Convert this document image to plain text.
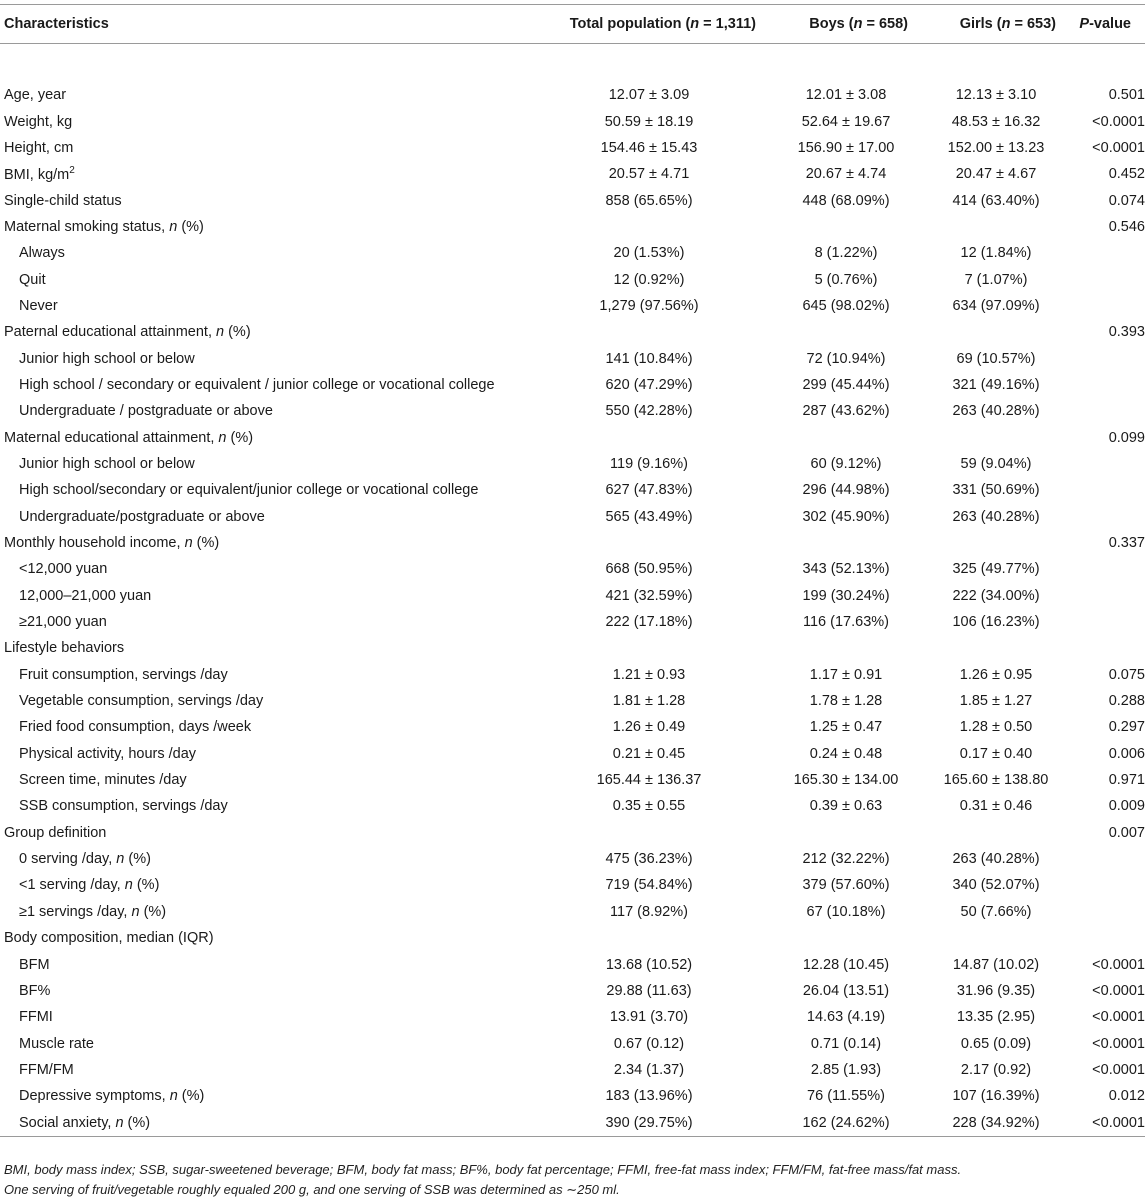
Characteristics	Total population (n = 1,311)	Boys (n = 658)	Girls (n = 653)	P-value

Age, year	12.07 ± 3.09	12.01 ± 3.08	12.13 ± 3.10	0.501
Weight, kg	50.59 ± 18.19	52.64 ± 19.67	48.53 ± 16.32	<0.0001
Height, cm	154.46 ± 15.43	156.90 ± 17.00	152.00 ± 13.23	<0.0001
BMI, $kg/m^2$	20.57 ± 4.71	20.67 ± 4.74	20.47 ± 4.67	0.452
Single-child status	858 (65.65%)	448 (68.09%)	414 (63.40%)	0.074
Maternal smoking status, n (%)				0.546
Always	20 (1.53%)	8 (1.22%)	12 (1.84%)	
Quit	12 (0.92%)	5 (0.76%)	7 (1.07%)	
Never	1,279 (97.56%)	645 (98.02%)	634 (97.09%)	
Paternal educational attainment, n (%)				0.393
Junior high school or below	141 (10.84%)	72 (10.94%)	69 (10.57%)	
High school / secondary or equivalent / junior college or vocational college	620 (47.29%)	299 (45.44%)	321 (49.16%)	
Undergraduate / postgraduate or above	550 (42.28%)	287 (43.62%)	263 (40.28%)	
Maternal educational attainment, n (%)				0.099
Junior high school or below	119 (9.16%)	60 (9.12%)	59 (9.04%)	
High school/secondary or equivalent/junior college or vocational college	627 (47.83%)	296 (44.98%)	331 (50.69%)	
Undergraduate/postgraduate or above	565 (43.49%)	302 (45.90%)	263 (40.28%)	
Monthly household income, n (%)				0.337
<12,000 yuan	668 (50.95%)	343 (52.13%)	325 (49.77%)	
12,000–21,000 yuan	421 (32.59%)	199 (30.24%)	222 (34.00%)	
≥21,000 yuan	222 (17.18%)	116 (17.63%)	106 (16.23%)	
Lifestyle behaviors				
Fruit consumption, servings /day	1.21 ± 0.93	1.17 ± 0.91	1.26 ± 0.95	0.075
Vegetable consumption, servings /day	1.81 ± 1.28	1.78 ± 1.28	1.85 ± 1.27	0.288
Fried food consumption, days /week	1.26 ± 0.49	1.25 ± 0.47	1.28 ± 0.50	0.297
Physical activity, hours /day	0.21 ± 0.45	0.24 ± 0.48	0.17 ± 0.40	0.006
Screen time, minutes /day	165.44 ± 136.37	165.30 ± 134.00	165.60 ± 138.80	0.971
SSB consumption, servings /day	0.35 ± 0.55	0.39 ± 0.63	0.31 ± 0.46	0.009
Group definition				0.007
0 serving /day, n (%)	475 (36.23%)	212 (32.22%)	263 (40.28%)	
<1 serving /day, n (%)	719 (54.84%)	379 (57.60%)	340 (52.07%)	
≥1 servings /day, n (%)	117 (8.92%)	67 (10.18%)	50 (7.66%)	
Body composition, median (IQR)				
BFM	13.68 (10.52)	12.28 (10.45)	14.87 (10.02)	<0.0001
BF%	29.88 (11.63)	26.04 (13.51)	31.96 (9.35)	<0.0001
FFMI	13.91 (3.70)	14.63 (4.19)	13.35 (2.95)	<0.0001
Muscle rate	0.67 (0.12)	0.71 (0.14)	0.65 (0.09)	<0.0001
FFM/FM	2.34 (1.37)	2.85 (1.93)	2.17 (0.92)	<0.0001
Depressive symptoms, n (%)	183 (13.96%)	76 (11.55%)	107 (16.39%)	0.012
Social anxiety, n (%)	390 (29.75%)	162 (24.62%)	228 (34.92%)	<0.0001
BMI, body mass index; SSB, sugar-sweetened beverage; BFM, body fat mass; BF%, body fat percentage; FFMI, free-fat mass index; FFM/FM, fat-free mass/fat mass.
One serving of fruit/vegetable roughly equaled 200 g, and one serving of SSB was determined as ∼250 ml.
